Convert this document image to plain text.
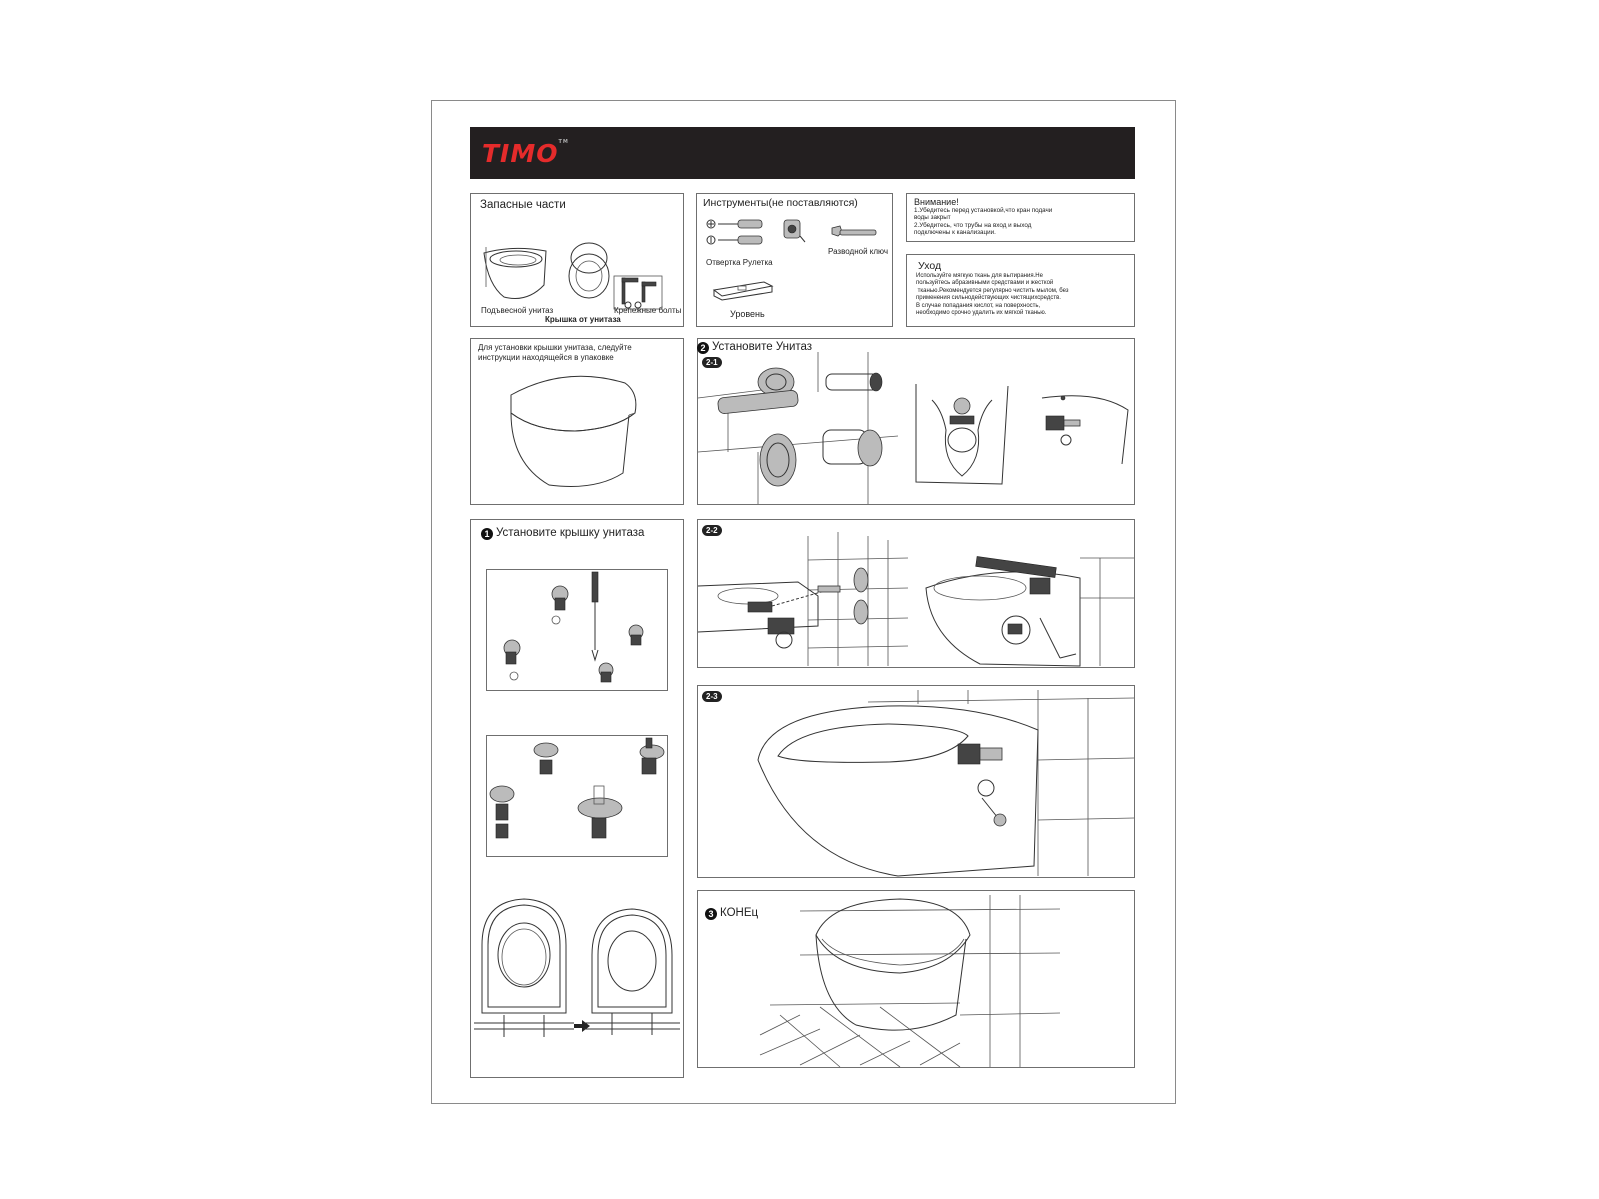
TIMO™
Запасные части
Подъвесной унитаз	Крепежные болты
Крышка от унитаза
Инструменты(не поставляются)
Отвертка Рулетка
Разводной ключ
Уровень
Внимание!
1.Убедитесь перед установкой,что кран подачи
воды закрыт
2.Убедитесь, что трубы на вход и выход
подключены к канализации.
Уход
Используйте мягкую ткань для вытирания.Не
пользуйтесь абразивными средствами и жесткой
тканью.Рекомендуется регулярно чистить мылом, без
применения сильнодействующих чистящихсредств.
В случае попадания кислот, на поверхность,
необходимо срочно удалить их мягкой тканью.
Для установки крышки унитаза, следуйте
инструкции находящейся в упаковке
2 Установите Унитаз
2-1
1 Установите крышку унитаза	2-2
2-3
3 КОНЕц
